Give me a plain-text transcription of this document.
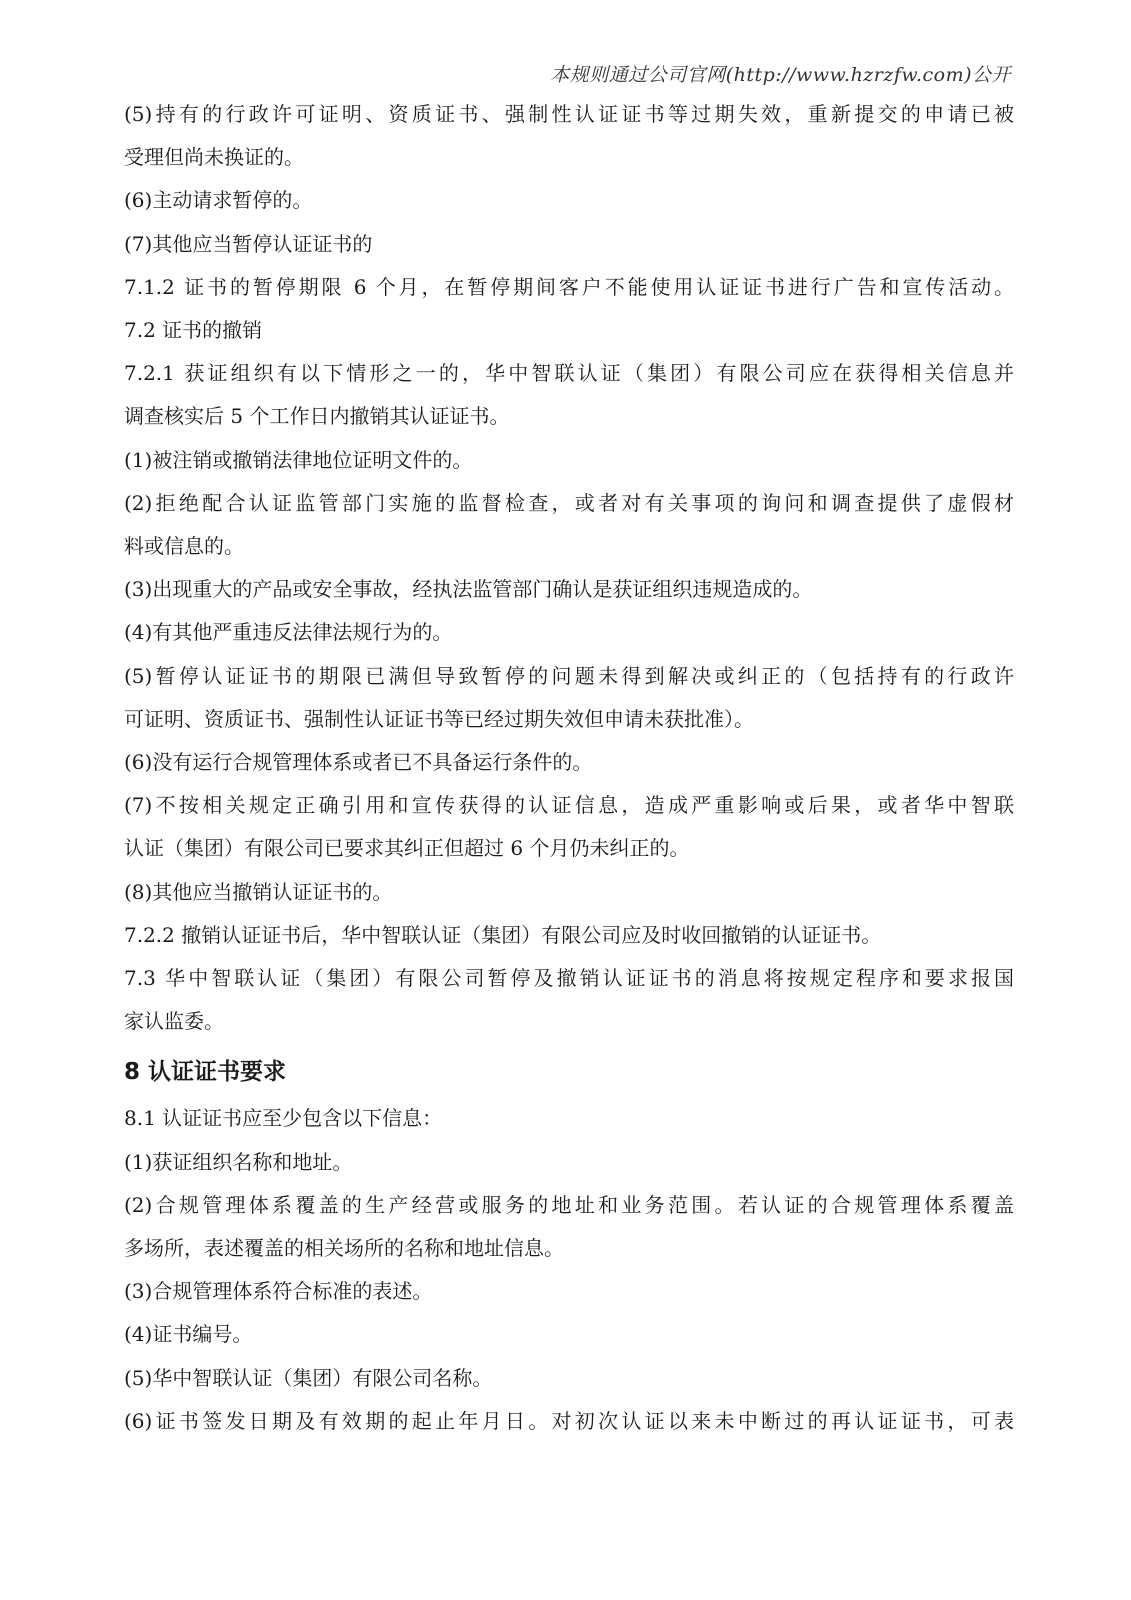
本规则通过公司官网(http://www.hzrzfw.com)公开
(5)持有的行政许可证明、资质证书、强制性认证证书等过期失效，重新提交的申请已被
受理但尚未换证的。
(6)主动请求暂停的。
(7)其他应当暂停认证证书的
7.1.2 证书的暂停期限 6 个月，在暂停期间客户不能使用认证证书进行广告和宣传活动。
7.2 证书的撤销
7.2.1 获证组织有以下情形之一的，华中智联认证（集团）有限公司应在获得相关信息并
调查核实后 5 个工作日内撤销其认证证书。
(1)被注销或撤销法律地位证明文件的。
(2)拒绝配合认证监管部门实施的监督检查，或者对有关事项的询问和调查提供了虚假材
料或信息的。
(3)出现重大的产品或安全事故，经执法监管部门确认是获证组织违规造成的。
(4)有其他严重违反法律法规行为的。
(5)暂停认证证书的期限已满但导致暂停的问题未得到解决或纠正的（包括持有的行政许
可证明、资质证书、强制性认证证书等已经过期失效但申请未获批准）。
(6)没有运行合规管理体系或者已不具备运行条件的。
(7)不按相关规定正确引用和宣传获得的认证信息，造成严重影响或后果，或者华中智联
认证（集团）有限公司已要求其纠正但超过 6 个月仍未纠正的。
(8)其他应当撤销认证证书的。
7.2.2 撤销认证证书后，华中智联认证（集团）有限公司应及时收回撤销的认证证书。
7.3 华中智联认证（集团）有限公司暂停及撤销认证证书的消息将按规定程序和要求报国
家认监委。
8 认证证书要求
8.1 认证证书应至少包含以下信息：
(1)获证组织名称和地址。
(2)合规管理体系覆盖的生产经营或服务的地址和业务范围。若认证的合规管理体系覆盖
多场所，表述覆盖的相关场所的名称和地址信息。
(3)合规管理体系符合标准的表述。
(4)证书编号。
(5)华中智联认证（集团）有限公司名称。
(6)证书签发日期及有效期的起止年月日。对初次认证以来未中断过的再认证证书，可表
